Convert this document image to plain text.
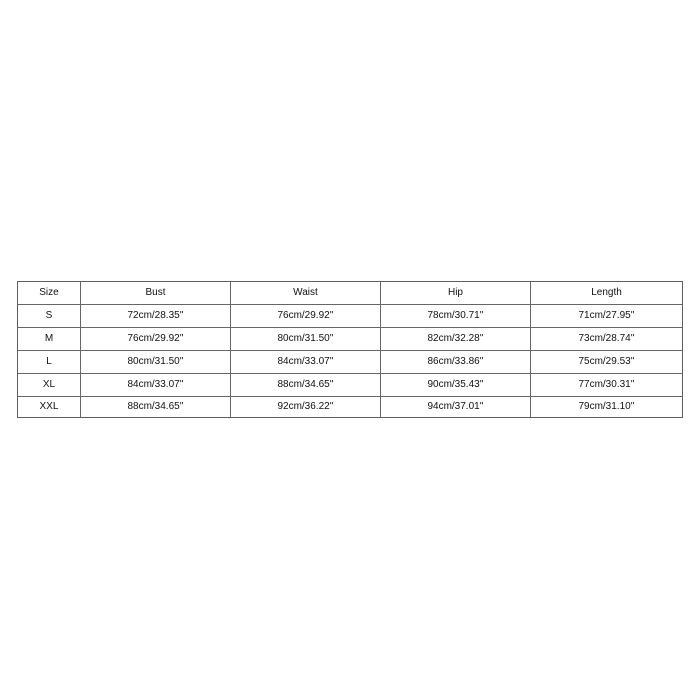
Size	Bust	Waist	Hip	Length
S	72cm/28.35''	76cm/29.92''	78cm/30.71''	71cm/27.95''
M	76cm/29.92''	80cm/31.50''	82cm/32.28''	73cm/28.74''
L	80cm/31.50''	84cm/33.07''	86cm/33.86''	75cm/29.53''
XL	84cm/33.07''	88cm/34.65''	90cm/35.43''	77cm/30.31''
XXL	88cm/34.65''	92cm/36.22''	94cm/37.01''	79cm/31.10''
